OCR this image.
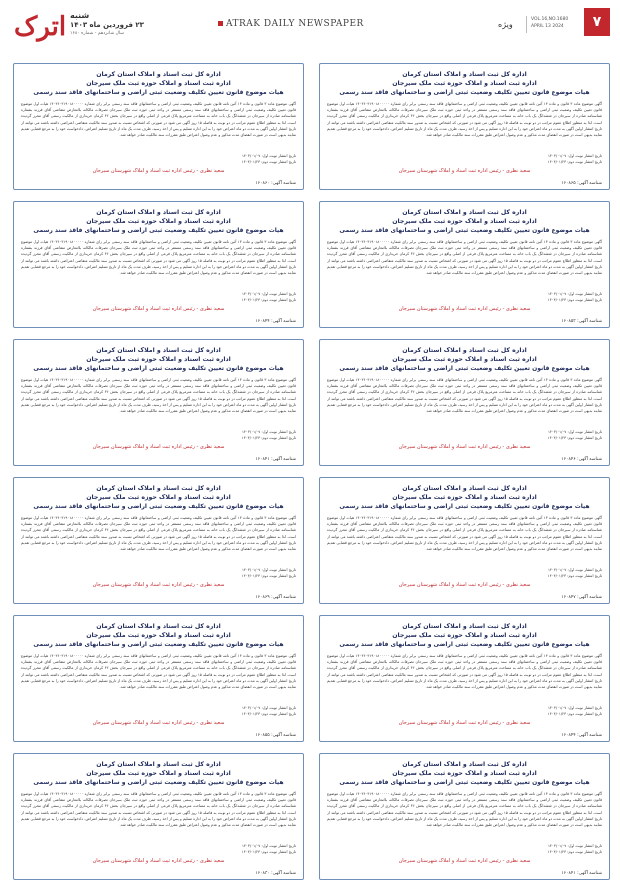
اترک شنبه
۲۳ فروردین ماه ۱۴۰۳
سال شانزدهم - شماره ۱۶۸۰
ATRAK DAILY NEWSPAPER	ویژه
VOL.16,NO.1680
APRIL 13 2024	۷
اداره کل ثبت اسناد و املاک استان کرمان
اداره ثبت اسناد و املاک حوزه ثبت ملک سیرجان
هیات موضوع قانون تعیین تکلیف وضعیت ثبتی اراضی و ساختمانهای فاقد سند رسمی
آگهی موضوع ماده ۳ قانون و ماده ۱۳ آئین نامه قانون تعیین تکلیف وضعیت ثبتی اراضی و ساختمانهای فاقد سند رسمی برابر رای شماره ۱۴۰۳۶۰۳۱۹۰۱۸۰۰۰۰۰ هیات اول موضوع قانون تعیین تکلیف وضعیت ثبتی اراضی و ساختمانهای فاقد سند رسمی مستقر در واحد ثبتی حوزه ثبت ملک سیرجان تصرفات مالکانه بلامعارض متقاضی آقای فرزند بشماره شناسنامه صادره از سیرجان در ششدانگ یک باب خانه به مساحت مترمربع پلاک فرعی از اصلی واقع در سیرجان بخش ۳۶ کرمان خریداری از مالکیت رسمی آقای محرز گردیده است. لذا به منظور اطلاع عموم مراتب در دو نوبت به فاصله ۱۵ روز آگهی می شود در صورتی که اشخاص نسبت به صدور سند مالکیت متقاضی اعتراضی داشته باشند می توانند از تاریخ انتشار اولین آگهی به مدت دو ماه اعتراض خود را به این اداره تسلیم و پس از اخذ رسید، ظرف مدت یک ماه از تاریخ تسلیم اعتراض، دادخواست خود را به مرجع قضایی تقدیم نمایند بدیهی است در صورت انقضای مدت مذکور و عدم وصول اعتراض طبق مقررات سند مالکیت صادر خواهد شد.
تاریخ انتشار نوبت اول: ۱۴۰۳/۰۱/۰۷
تاریخ انتشار نوبت دوم: ۱۴۰۳/۰۱/۲۳
سعید نظری - رئیس اداره ثبت اسناد و املاک شهرستان سیرجان
شناسه آگهی: ۱۶۰۸۶۵
اداره کل ثبت اسناد و املاک استان کرمان
اداره ثبت اسناد و املاک حوزه ثبت ملک سیرجان
هیات موضوع قانون تعیین تکلیف وضعیت ثبتی اراضی و ساختمانهای فاقد سند رسمی
آگهی موضوع ماده ۳ قانون و ماده ۱۳ آئین نامه قانون تعیین تکلیف وضعیت ثبتی اراضی و ساختمانهای فاقد سند رسمی برابر رای شماره ۱۴۰۳۶۰۳۱۹۰۱۸۰۰۰۰۰ هیات اول موضوع قانون تعیین تکلیف وضعیت ثبتی اراضی و ساختمانهای فاقد سند رسمی مستقر در واحد ثبتی حوزه ثبت ملک سیرجان تصرفات مالکانه بلامعارض متقاضی آقای فرزند بشماره شناسنامه صادره از سیرجان در ششدانگ یک باب خانه به مساحت مترمربع پلاک فرعی از اصلی واقع در سیرجان بخش ۳۶ کرمان خریداری از مالکیت رسمی آقای محرز گردیده است. لذا به منظور اطلاع عموم مراتب در دو نوبت به فاصله ۱۵ روز آگهی می شود در صورتی که اشخاص نسبت به صدور سند مالکیت متقاضی اعتراضی داشته باشند می توانند از تاریخ انتشار اولین آگهی به مدت دو ماه اعتراض خود را به این اداره تسلیم و پس از اخذ رسید، ظرف مدت یک ماه از تاریخ تسلیم اعتراض، دادخواست خود را به مرجع قضایی تقدیم نمایند بدیهی است در صورت انقضای مدت مذکور و عدم وصول اعتراض طبق مقررات سند مالکیت صادر خواهد شد.
تاریخ انتشار نوبت اول: ۱۴۰۳/۰۱/۰۷
تاریخ انتشار نوبت دوم: ۱۴۰۳/۰۱/۲۳
سعید نظری - رئیس اداره ثبت اسناد و املاک شهرستان سیرجان
شناسه آگهی: ۱۶۰۸۵۳
اداره کل ثبت اسناد و املاک استان کرمان
اداره ثبت اسناد و املاک حوزه ثبت ملک سیرجان
هیات موضوع قانون تعیین تکلیف وضعیت ثبتی اراضی و ساختمانهای فاقد سند رسمی
آگهی موضوع ماده ۳ قانون و ماده ۱۳ آئین نامه قانون تعیین تکلیف وضعیت ثبتی اراضی و ساختمانهای فاقد سند رسمی برابر رای شماره ۱۴۰۳۶۰۳۱۹۰۱۸۰۰۰۰۰ هیات اول موضوع قانون تعیین تکلیف وضعیت ثبتی اراضی و ساختمانهای فاقد سند رسمی مستقر در واحد ثبتی حوزه ثبت ملک سیرجان تصرفات مالکانه بلامعارض متقاضی آقای فرزند بشماره شناسنامه صادره از سیرجان در ششدانگ یک باب خانه به مساحت مترمربع پلاک فرعی از اصلی واقع در سیرجان بخش ۳۶ کرمان خریداری از مالکیت رسمی آقای محرز گردیده است. لذا به منظور اطلاع عموم مراتب در دو نوبت به فاصله ۱۵ روز آگهی می شود در صورتی که اشخاص نسبت به صدور سند مالکیت متقاضی اعتراضی داشته باشند می توانند از تاریخ انتشار اولین آگهی به مدت دو ماه اعتراض خود را به این اداره تسلیم و پس از اخذ رسید، ظرف مدت یک ماه از تاریخ تسلیم اعتراض، دادخواست خود را به مرجع قضایی تقدیم نمایند بدیهی است در صورت انقضای مدت مذکور و عدم وصول اعتراض طبق مقررات سند مالکیت صادر خواهد شد.
تاریخ انتشار نوبت اول: ۱۴۰۳/۰۱/۰۷
تاریخ انتشار نوبت دوم: ۱۴۰۳/۰۱/۲۳
سعید نظری - رئیس اداره ثبت اسناد و املاک شهرستان سیرجان
شناسه آگهی: ۱۶۰۸۴۶
اداره کل ثبت اسناد و املاک استان کرمان
اداره ثبت اسناد و املاک حوزه ثبت ملک سیرجان
هیات موضوع قانون تعیین تکلیف وضعیت ثبتی اراضی و ساختمانهای فاقد سند رسمی
آگهی موضوع ماده ۳ قانون و ماده ۱۳ آئین نامه قانون تعیین تکلیف وضعیت ثبتی اراضی و ساختمانهای فاقد سند رسمی برابر رای شماره ۱۴۰۳۶۰۳۱۹۰۱۸۰۰۰۰۰ هیات اول موضوع قانون تعیین تکلیف وضعیت ثبتی اراضی و ساختمانهای فاقد سند رسمی مستقر در واحد ثبتی حوزه ثبت ملک سیرجان تصرفات مالکانه بلامعارض متقاضی آقای فرزند بشماره شناسنامه صادره از سیرجان در ششدانگ یک باب خانه به مساحت مترمربع پلاک فرعی از اصلی واقع در سیرجان بخش ۳۶ کرمان خریداری از مالکیت رسمی آقای محرز گردیده است. لذا به منظور اطلاع عموم مراتب در دو نوبت به فاصله ۱۵ روز آگهی می شود در صورتی که اشخاص نسبت به صدور سند مالکیت متقاضی اعتراضی داشته باشند می توانند از تاریخ انتشار اولین آگهی به مدت دو ماه اعتراض خود را به این اداره تسلیم و پس از اخذ رسید، ظرف مدت یک ماه از تاریخ تسلیم اعتراض، دادخواست خود را به مرجع قضایی تقدیم نمایند بدیهی است در صورت انقضای مدت مذکور و عدم وصول اعتراض طبق مقررات سند مالکیت صادر خواهد شد.
تاریخ انتشار نوبت اول: ۱۴۰۳/۰۱/۰۷
تاریخ انتشار نوبت دوم: ۱۴۰۳/۰۱/۲۳
سعید نظری - رئیس اداره ثبت اسناد و املاک شهرستان سیرجان
شناسه آگهی: ۱۶۰۸۴۷
اداره کل ثبت اسناد و املاک استان کرمان
اداره ثبت اسناد و املاک حوزه ثبت ملک سیرجان
هیات موضوع قانون تعیین تکلیف وضعیت ثبتی اراضی و ساختمانهای فاقد سند رسمی
آگهی موضوع ماده ۳ قانون و ماده ۱۳ آئین نامه قانون تعیین تکلیف وضعیت ثبتی اراضی و ساختمانهای فاقد سند رسمی برابر رای شماره ۱۴۰۳۶۰۳۱۹۰۱۸۰۰۰۰۰ هیات اول موضوع قانون تعیین تکلیف وضعیت ثبتی اراضی و ساختمانهای فاقد سند رسمی مستقر در واحد ثبتی حوزه ثبت ملک سیرجان تصرفات مالکانه بلامعارض متقاضی آقای فرزند بشماره شناسنامه صادره از سیرجان در ششدانگ یک باب خانه به مساحت مترمربع پلاک فرعی از اصلی واقع در سیرجان بخش ۳۶ کرمان خریداری از مالکیت رسمی آقای محرز گردیده است. لذا به منظور اطلاع عموم مراتب در دو نوبت به فاصله ۱۵ روز آگهی می شود در صورتی که اشخاص نسبت به صدور سند مالکیت متقاضی اعتراضی داشته باشند می توانند از تاریخ انتشار اولین آگهی به مدت دو ماه اعتراض خود را به این اداره تسلیم و پس از اخذ رسید، ظرف مدت یک ماه از تاریخ تسلیم اعتراض، دادخواست خود را به مرجع قضایی تقدیم نمایند بدیهی است در صورت انقضای مدت مذکور و عدم وصول اعتراض طبق مقررات سند مالکیت صادر خواهد شد.
تاریخ انتشار نوبت اول: ۱۴۰۳/۰۱/۰۷
تاریخ انتشار نوبت دوم: ۱۴۰۳/۰۱/۲۳
سعید نظری - رئیس اداره ثبت اسناد و املاک شهرستان سیرجان
شناسه آگهی: ۱۶۰۸۴۴
اداره کل ثبت اسناد و املاک استان کرمان
اداره ثبت اسناد و املاک حوزه ثبت ملک سیرجان
هیات موضوع قانون تعیین تکلیف وضعیت ثبتی اراضی و ساختمانهای فاقد سند رسمی
آگهی موضوع ماده ۳ قانون و ماده ۱۳ آئین نامه قانون تعیین تکلیف وضعیت ثبتی اراضی و ساختمانهای فاقد سند رسمی برابر رای شماره ۱۴۰۳۶۰۳۱۹۰۱۸۰۰۰۰۰ هیات اول موضوع قانون تعیین تکلیف وضعیت ثبتی اراضی و ساختمانهای فاقد سند رسمی مستقر در واحد ثبتی حوزه ثبت ملک سیرجان تصرفات مالکانه بلامعارض متقاضی آقای فرزند بشماره شناسنامه صادره از سیرجان در ششدانگ یک باب خانه به مساحت مترمربع پلاک فرعی از اصلی واقع در سیرجان بخش ۳۶ کرمان خریداری از مالکیت رسمی آقای محرز گردیده است. لذا به منظور اطلاع عموم مراتب در دو نوبت به فاصله ۱۵ روز آگهی می شود در صورتی که اشخاص نسبت به صدور سند مالکیت متقاضی اعتراضی داشته باشند می توانند از تاریخ انتشار اولین آگهی به مدت دو ماه اعتراض خود را به این اداره تسلیم و پس از اخذ رسید، ظرف مدت یک ماه از تاریخ تسلیم اعتراض، دادخواست خود را به مرجع قضایی تقدیم نمایند بدیهی است در صورت انقضای مدت مذکور و عدم وصول اعتراض طبق مقررات سند مالکیت صادر خواهد شد.
تاریخ انتشار نوبت اول: ۱۴۰۳/۰۱/۰۷
تاریخ انتشار نوبت دوم: ۱۴۰۳/۰۱/۲۳
سعید نظری - رئیس اداره ثبت اسناد و املاک شهرستان سیرجان
شناسه آگهی: ۱۶۰۸۴۱
اداره کل ثبت اسناد و املاک استان کرمان
اداره ثبت اسناد و املاک حوزه ثبت ملک سیرجان
هیات موضوع قانون تعیین تکلیف وضعیت ثبتی اراضی و ساختمانهای فاقد سند رسمی
آگهی موضوع ماده ۳ قانون و ماده ۱۳ آئین نامه قانون تعیین تکلیف وضعیت ثبتی اراضی و ساختمانهای فاقد سند رسمی برابر رای شماره ۱۴۰۳۶۰۳۱۹۰۱۸۰۰۰۰۰ هیات اول موضوع قانون تعیین تکلیف وضعیت ثبتی اراضی و ساختمانهای فاقد سند رسمی مستقر در واحد ثبتی حوزه ثبت ملک سیرجان تصرفات مالکانه بلامعارض متقاضی آقای فرزند بشماره شناسنامه صادره از سیرجان در ششدانگ یک باب خانه به مساحت مترمربع پلاک فرعی از اصلی واقع در سیرجان بخش ۳۶ کرمان خریداری از مالکیت رسمی آقای محرز گردیده است. لذا به منظور اطلاع عموم مراتب در دو نوبت به فاصله ۱۵ روز آگهی می شود در صورتی که اشخاص نسبت به صدور سند مالکیت متقاضی اعتراضی داشته باشند می توانند از تاریخ انتشار اولین آگهی به مدت دو ماه اعتراض خود را به این اداره تسلیم و پس از اخذ رسید، ظرف مدت یک ماه از تاریخ تسلیم اعتراض، دادخواست خود را به مرجع قضایی تقدیم نمایند بدیهی است در صورت انقضای مدت مذکور و عدم وصول اعتراض طبق مقررات سند مالکیت صادر خواهد شد.
تاریخ انتشار نوبت اول: ۱۴۰۳/۰۱/۰۷
تاریخ انتشار نوبت دوم: ۱۴۰۳/۰۱/۲۳
سعید نظری - رئیس اداره ثبت اسناد و املاک شهرستان سیرجان
شناسه آگهی: ۱۶۰۸۶۰
اداره کل ثبت اسناد و املاک استان کرمان
اداره ثبت اسناد و املاک حوزه ثبت ملک سیرجان
هیات موضوع قانون تعیین تکلیف وضعیت ثبتی اراضی و ساختمانهای فاقد سند رسمی
آگهی موضوع ماده ۳ قانون و ماده ۱۳ آئین نامه قانون تعیین تکلیف وضعیت ثبتی اراضی و ساختمانهای فاقد سند رسمی برابر رای شماره ۱۴۰۳۶۰۳۱۹۰۱۸۰۰۰۰۰ هیات اول موضوع قانون تعیین تکلیف وضعیت ثبتی اراضی و ساختمانهای فاقد سند رسمی مستقر در واحد ثبتی حوزه ثبت ملک سیرجان تصرفات مالکانه بلامعارض متقاضی آقای فرزند بشماره شناسنامه صادره از سیرجان در ششدانگ یک باب خانه به مساحت مترمربع پلاک فرعی از اصلی واقع در سیرجان بخش ۳۶ کرمان خریداری از مالکیت رسمی آقای محرز گردیده است. لذا به منظور اطلاع عموم مراتب در دو نوبت به فاصله ۱۵ روز آگهی می شود در صورتی که اشخاص نسبت به صدور سند مالکیت متقاضی اعتراضی داشته باشند می توانند از تاریخ انتشار اولین آگهی به مدت دو ماه اعتراض خود را به این اداره تسلیم و پس از اخذ رسید، ظرف مدت یک ماه از تاریخ تسلیم اعتراض، دادخواست خود را به مرجع قضایی تقدیم نمایند بدیهی است در صورت انقضای مدت مذکور و عدم وصول اعتراض طبق مقررات سند مالکیت صادر خواهد شد.
تاریخ انتشار نوبت اول: ۱۴۰۳/۰۱/۰۷
تاریخ انتشار نوبت دوم: ۱۴۰۳/۰۱/۲۳
سعید نظری - رئیس اداره ثبت اسناد و املاک شهرستان سیرجان
شناسه آگهی: ۱۶۰۸۴۴
اداره کل ثبت اسناد و املاک استان کرمان
اداره ثبت اسناد و املاک حوزه ثبت ملک سیرجان
هیات موضوع قانون تعیین تکلیف وضعیت ثبتی اراضی و ساختمانهای فاقد سند رسمی
آگهی موضوع ماده ۳ قانون و ماده ۱۳ آئین نامه قانون تعیین تکلیف وضعیت ثبتی اراضی و ساختمانهای فاقد سند رسمی برابر رای شماره ۱۴۰۳۶۰۳۱۹۰۱۸۰۰۰۰۰ هیات اول موضوع قانون تعیین تکلیف وضعیت ثبتی اراضی و ساختمانهای فاقد سند رسمی مستقر در واحد ثبتی حوزه ثبت ملک سیرجان تصرفات مالکانه بلامعارض متقاضی آقای فرزند بشماره شناسنامه صادره از سیرجان در ششدانگ یک باب خانه به مساحت مترمربع پلاک فرعی از اصلی واقع در سیرجان بخش ۳۶ کرمان خریداری از مالکیت رسمی آقای محرز گردیده است. لذا به منظور اطلاع عموم مراتب در دو نوبت به فاصله ۱۵ روز آگهی می شود در صورتی که اشخاص نسبت به صدور سند مالکیت متقاضی اعتراضی داشته باشند می توانند از تاریخ انتشار اولین آگهی به مدت دو ماه اعتراض خود را به این اداره تسلیم و پس از اخذ رسید، ظرف مدت یک ماه از تاریخ تسلیم اعتراض، دادخواست خود را به مرجع قضایی تقدیم نمایند بدیهی است در صورت انقضای مدت مذکور و عدم وصول اعتراض طبق مقررات سند مالکیت صادر خواهد شد.
تاریخ انتشار نوبت اول: ۱۴۰۳/۰۱/۰۷
تاریخ انتشار نوبت دوم: ۱۴۰۳/۰۱/۲۳
سعید نظری - رئیس اداره ثبت اسناد و املاک شهرستان سیرجان
شناسه آگهی: ۱۶۰۸۴۱
اداره کل ثبت اسناد و املاک استان کرمان
اداره ثبت اسناد و املاک حوزه ثبت ملک سیرجان
هیات موضوع قانون تعیین تکلیف وضعیت ثبتی اراضی و ساختمانهای فاقد سند رسمی
آگهی موضوع ماده ۳ قانون و ماده ۱۳ آئین نامه قانون تعیین تکلیف وضعیت ثبتی اراضی و ساختمانهای فاقد سند رسمی برابر رای شماره ۱۴۰۳۶۰۳۱۹۰۱۸۰۰۰۰۰ هیات اول موضوع قانون تعیین تکلیف وضعیت ثبتی اراضی و ساختمانهای فاقد سند رسمی مستقر در واحد ثبتی حوزه ثبت ملک سیرجان تصرفات مالکانه بلامعارض متقاضی آقای فرزند بشماره شناسنامه صادره از سیرجان در ششدانگ یک باب خانه به مساحت مترمربع پلاک فرعی از اصلی واقع در سیرجان بخش ۳۶ کرمان خریداری از مالکیت رسمی آقای محرز گردیده است. لذا به منظور اطلاع عموم مراتب در دو نوبت به فاصله ۱۵ روز آگهی می شود در صورتی که اشخاص نسبت به صدور سند مالکیت متقاضی اعتراضی داشته باشند می توانند از تاریخ انتشار اولین آگهی به مدت دو ماه اعتراض خود را به این اداره تسلیم و پس از اخذ رسید، ظرف مدت یک ماه از تاریخ تسلیم اعتراض، دادخواست خود را به مرجع قضایی تقدیم نمایند بدیهی است در صورت انقضای مدت مذکور و عدم وصول اعتراض طبق مقررات سند مالکیت صادر خواهد شد.
تاریخ انتشار نوبت اول: ۱۴۰۳/۰۱/۰۷
تاریخ انتشار نوبت دوم: ۱۴۰۳/۰۱/۲۳
سعید نظری - رئیس اداره ثبت اسناد و املاک شهرستان سیرجان
شناسه آگهی: ۱۶۰۸۶۹
اداره کل ثبت اسناد و املاک استان کرمان
اداره ثبت اسناد و املاک حوزه ثبت ملک سیرجان
هیات موضوع قانون تعیین تکلیف وضعیت ثبتی اراضی و ساختمانهای فاقد سند رسمی
آگهی موضوع ماده ۳ قانون و ماده ۱۳ آئین نامه قانون تعیین تکلیف وضعیت ثبتی اراضی و ساختمانهای فاقد سند رسمی برابر رای شماره ۱۴۰۳۶۰۳۱۹۰۱۸۰۰۰۰۰ هیات اول موضوع قانون تعیین تکلیف وضعیت ثبتی اراضی و ساختمانهای فاقد سند رسمی مستقر در واحد ثبتی حوزه ثبت ملک سیرجان تصرفات مالکانه بلامعارض متقاضی آقای فرزند بشماره شناسنامه صادره از سیرجان در ششدانگ یک باب خانه به مساحت مترمربع پلاک فرعی از اصلی واقع در سیرجان بخش ۳۶ کرمان خریداری از مالکیت رسمی آقای محرز گردیده است. لذا به منظور اطلاع عموم مراتب در دو نوبت به فاصله ۱۵ روز آگهی می شود در صورتی که اشخاص نسبت به صدور سند مالکیت متقاضی اعتراضی داشته باشند می توانند از تاریخ انتشار اولین آگهی به مدت دو ماه اعتراض خود را به این اداره تسلیم و پس از اخذ رسید، ظرف مدت یک ماه از تاریخ تسلیم اعتراض، دادخواست خود را به مرجع قضایی تقدیم نمایند بدیهی است در صورت انقضای مدت مذکور و عدم وصول اعتراض طبق مقررات سند مالکیت صادر خواهد شد.
تاریخ انتشار نوبت اول: ۱۴۰۳/۰۱/۰۷
تاریخ انتشار نوبت دوم: ۱۴۰۳/۰۱/۲۳
سعید نظری - رئیس اداره ثبت اسناد و املاک شهرستان سیرجان
شناسه آگهی: ۱۶۰۸۵۵
اداره کل ثبت اسناد و املاک استان کرمان
اداره ثبت اسناد و املاک حوزه ثبت ملک سیرجان
هیات موضوع قانون تعیین تکلیف وضعیت ثبتی اراضی و ساختمانهای فاقد سند رسمی
آگهی موضوع ماده ۳ قانون و ماده ۱۳ آئین نامه قانون تعیین تکلیف وضعیت ثبتی اراضی و ساختمانهای فاقد سند رسمی برابر رای شماره ۱۴۰۳۶۰۳۱۹۰۱۸۰۰۰۰۰ هیات اول موضوع قانون تعیین تکلیف وضعیت ثبتی اراضی و ساختمانهای فاقد سند رسمی مستقر در واحد ثبتی حوزه ثبت ملک سیرجان تصرفات مالکانه بلامعارض متقاضی آقای فرزند بشماره شناسنامه صادره از سیرجان در ششدانگ یک باب خانه به مساحت مترمربع پلاک فرعی از اصلی واقع در سیرجان بخش ۳۶ کرمان خریداری از مالکیت رسمی آقای محرز گردیده است. لذا به منظور اطلاع عموم مراتب در دو نوبت به فاصله ۱۵ روز آگهی می شود در صورتی که اشخاص نسبت به صدور سند مالکیت متقاضی اعتراضی داشته باشند می توانند از تاریخ انتشار اولین آگهی به مدت دو ماه اعتراض خود را به این اداره تسلیم و پس از اخذ رسید، ظرف مدت یک ماه از تاریخ تسلیم اعتراض، دادخواست خود را به مرجع قضایی تقدیم نمایند بدیهی است در صورت انقضای مدت مذکور و عدم وصول اعتراض طبق مقررات سند مالکیت صادر خواهد شد.
تاریخ انتشار نوبت اول: ۱۴۰۳/۰۱/۰۷
تاریخ انتشار نوبت دوم: ۱۴۰۳/۰۱/۲۳
سعید نظری - رئیس اداره ثبت اسناد و املاک شهرستان سیرجان
شناسه آگهی: ۱۶۰۸۳۰
